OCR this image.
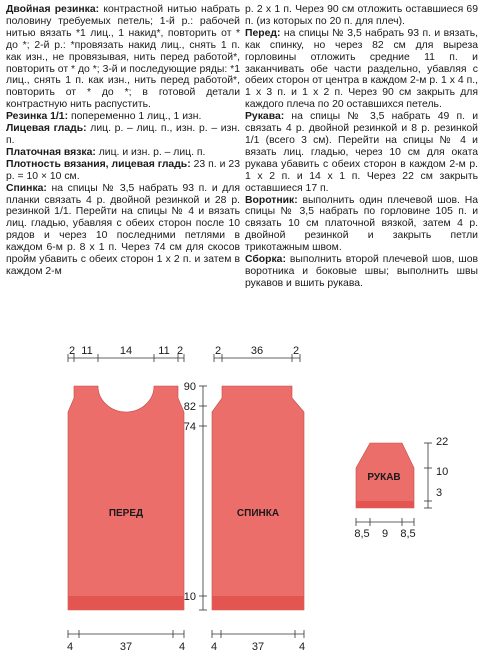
Двойная резинка: контрастной нитью набрать половину требуемых петель; 1-й р.: рабочей нитью вязать *1 лиц., 1 накид*, повторить от * до *; 2-й р.: *провязать накид лиц., снять 1 п. как изн., не провязывая, нить перед работой*, повторить от * до *; 3-й и последующие ряды: *1 лиц., снять 1 п. как изн., нить перед работой*, повторить от * до *; в готовой детали контрастную нить распустить.

Резинка 1/1: попеременно 1 лиц., 1 изн.

Лицевая гладь: лиц. р. – лиц. п., изн. р. – изн. п.

Платочная вязка: лиц. и изн. р. – лиц. п.

Плотность вязания, лицевая гладь: 23 п. и 23 р. = 10 × 10 см.

Спинка: на спицы № 3,5 набрать 93 п. и для планки связать 4 р. двойной резинкой и 28 р. резинкой 1/1. Перейти на спицы № 4 и вязать лиц. гладью, убавляя с обеих сторон после 10 рядов и через 10 последними петлями в каждом 6-м р. 8 х 1 п. Через 74 см для скосов пройм убавить с обеих сторон 1 х 2 п. и затем в каждом 2-м

р. 2 х 1 п. Через 90 см отложить оставшиеся 69 п. (из которых по 20 п. для плеч).

Перед: на спицы № 3,5 набрать 93 п. и вязать, как спинку, но через 82 см для выреза горловины отложить средние 11 п. и заканчивать обе части раздельно, убавляя с обеих сторон от центра в каждом 2-м р. 1 х 4 п., 1 х 3 п. и 1 х 2 п. Через 90 см закрыть для каждого плеча по 20 оставшихся петель.

Рукава: на спицы № 3,5 набрать 49 п. и связать 4 р. двойной резинкой и 8 р. резинкой 1/1 (всего 3 см). Перейти на спицы № 4 и вязать лиц. гладью, через 10 см для оката рукава убавить с обеих сторон в каждом 2-м р. 1 х 2 п. и 14 х 1 п. Через 22 см закрыть оставшиеся 17 п.

Воротник: выполнить один плечевой шов. На спицы № 3,5 набрать по горловине 105 п. и связать 10 см платочной вязкой, затем 4 р. двойной резинкой и закрыть петли трикотажным швом.

Сборка: выполнить второй плечевой шов, шов воротника и боковые швы; выполнить швы рукавов и вшить рукава.

2 11 14 11 2
ПЕРЕД
4	37	4
90
82
74
10
2	36	2
СПИНКА
4	37	4
РУКАВ
22
10
3
8,5 9 8,5
